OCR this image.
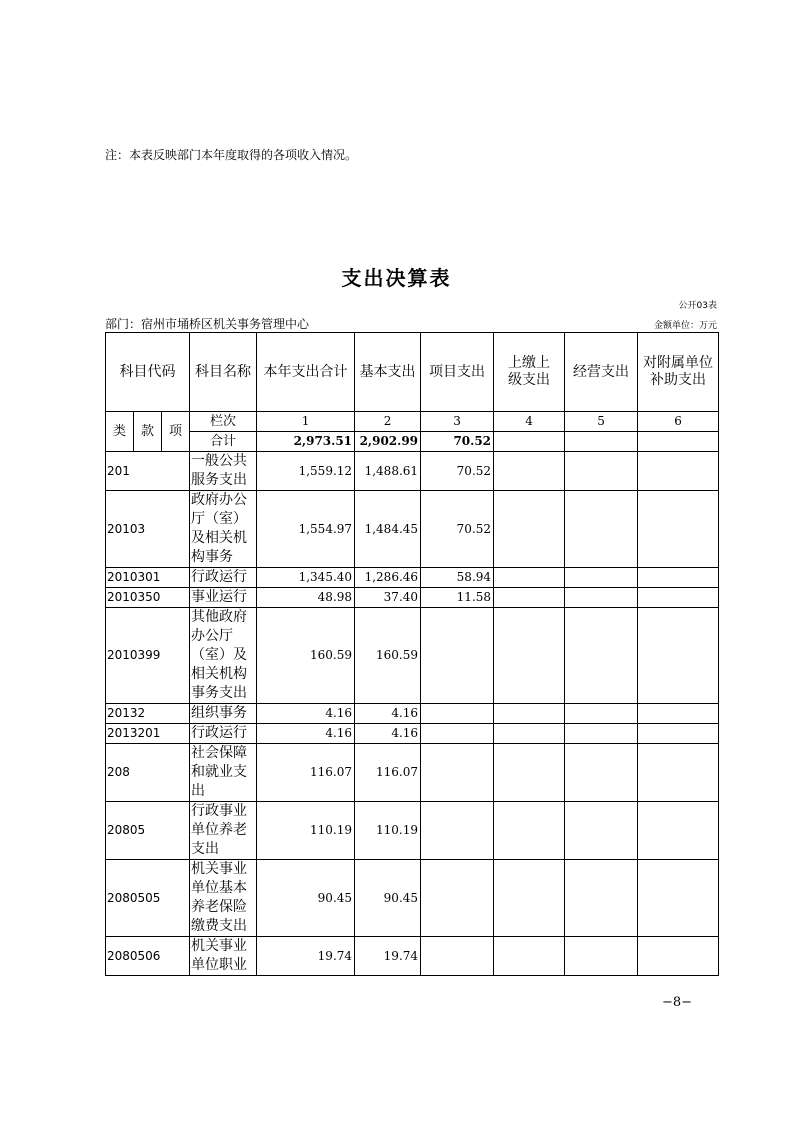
注：本表反映部门本年度取得的各项收入情况。
支出决算表
公开03表
部门：宿州市埇桥区机关事务管理中心	金额单位：万元
科目代码			科目名称	本年支出合计	基本支出	项目支出	上缴上级支出	经营支出	对附属单位补助支出
类	款	项	栏次	1	2	3	4	5	6
			合计	2,973.51	2,902.99	70.52			
201			一般公共服务支出	1,559.12	1,488.61	70.52			
20103			政府办公厅（室）及相关机构事务	1,554.97	1,484.45	70.52			
2010301			行政运行	1,345.40	1,286.46	58.94			
2010350			事业运行	48.98	37.40	11.58			
2010399			其他政府办公厅（室）及相关机构事务支出	160.59	160.59				
20132			组织事务	4.16	4.16				
2013201			行政运行	4.16	4.16				
208			社会保障和就业支出	116.07	116.07				
20805			行政事业单位养老支出	110.19	110.19				
2080505			机关事业单位基本养老保险缴费支出	90.45	90.45				
2080506			机关事业单位职业	19.74	19.74				
−8−
